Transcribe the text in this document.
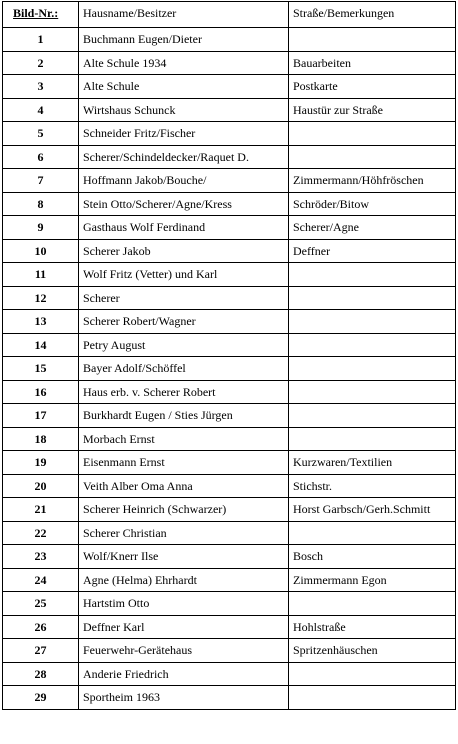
Bild-Nr.:	Hausname/Besitzer	Straße/Bemerkungen
1	Buchmann Eugen/Dieter	
2	Alte Schule 1934	Bauarbeiten
3	Alte Schule	Postkarte
4	Wirtshaus Schunck	Haustür zur Straße
5	Schneider Fritz/Fischer	
6	Scherer/Schindeldecker/Raquet D.	
7	Hoffmann Jakob/Bouche/	Zimmermann/Höhfröschen
8	Stein Otto/Scherer/Agne/Kress	Schröder/Bitow
9	Gasthaus Wolf Ferdinand	Scherer/Agne
10	Scherer Jakob	Deffner
11	Wolf Fritz (Vetter) und Karl	
12	Scherer	
13	Scherer Robert/Wagner	
14	Petry August	
15	Bayer Adolf/Schöffel	
16	Haus erb. v. Scherer Robert	
17	Burkhardt Eugen / Sties Jürgen	
18	Morbach Ernst	
19	Eisenmann Ernst	Kurzwaren/Textilien
20	Veith Alber Oma Anna	Stichstr.
21	Scherer Heinrich (Schwarzer)	Horst Garbsch/Gerh.Schmitt
22	Scherer Christian	
23	Wolf/Knerr Ilse	Bosch
24	Agne (Helma) Ehrhardt	Zimmermann Egon
25	Hartstim Otto	
26	Deffner Karl	Hohlstraße
27	Feuerwehr-Gerätehaus	Spritzenhäuschen
28	Anderie Friedrich	
29	Sportheim 1963	
